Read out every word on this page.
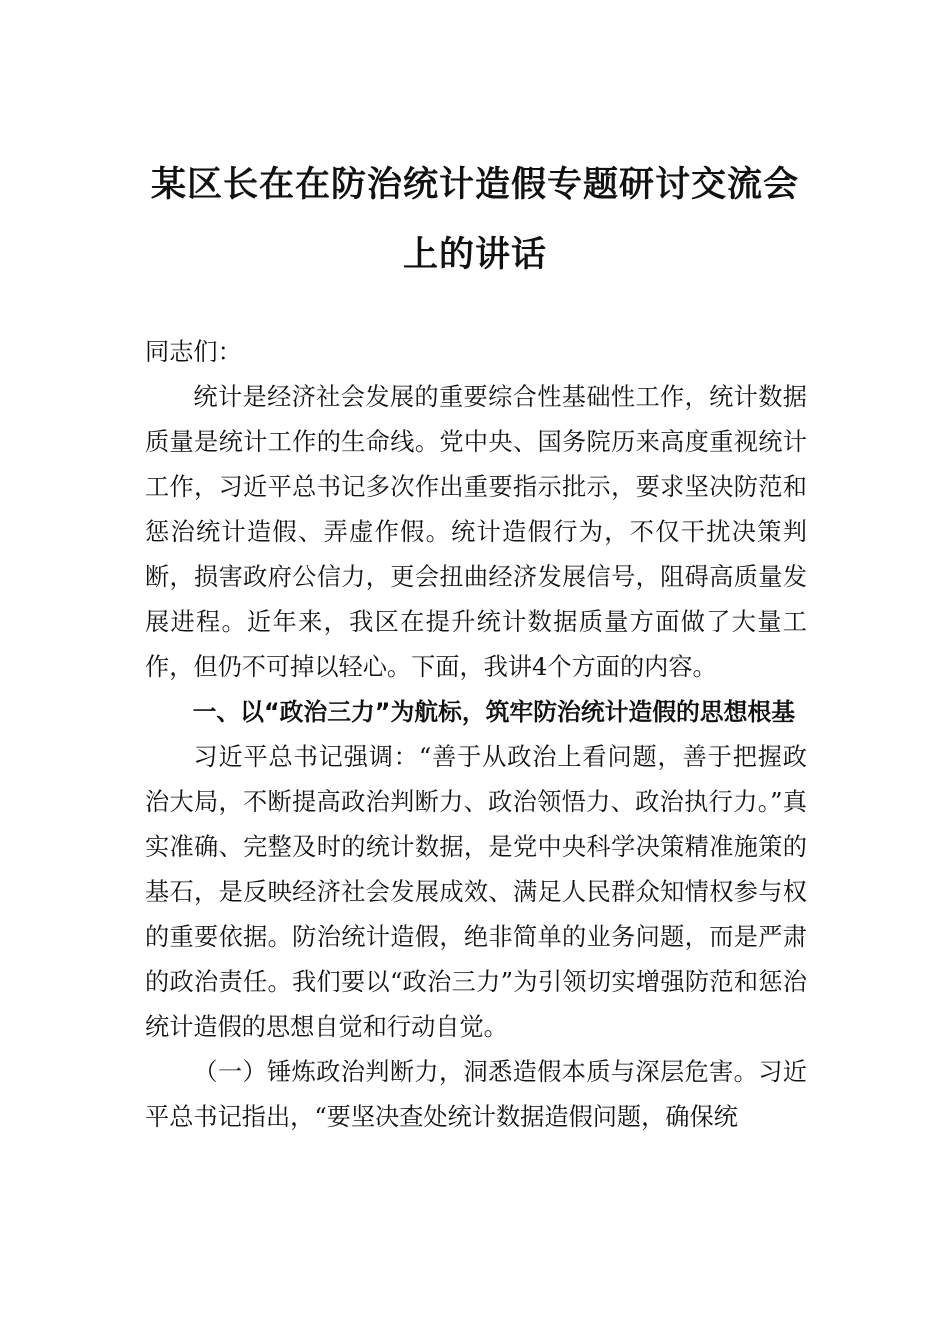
某区长在在防治统计造假专题研讨交流会
上的讲话

同志们：

统计是经济社会发展的重要综合性基础性工作，统计数据质量是统计工作的生命线。党中央、国务院历来高度重视统计工作，习近平总书记多次作出重要指示批示，要求坚决防范和惩治统计造假、弄虚作假。统计造假行为，不仅干扰决策判断，损害政府公信力，更会扭曲经济发展信号，阻碍高质量发展进程。近年来，我区在提升统计数据质量方面做了大量工作，但仍不可掉以轻心。下面，我讲4个方面的内容。

一、以“政治三力”为航标，筑牢防治统计造假的思想根基

习近平总书记强调：“善于从政治上看问题，善于把握政治大局，不断提高政治判断力、政治领悟力、政治执行力。”真实准确、完整及时的统计数据，是党中央科学决策精准施策的基石，是反映经济社会发展成效、满足人民群众知情权参与权的重要依据。防治统计造假，绝非简单的业务问题，而是严肃的政治责任。我们要以“政治三力”为引领切实增强防范和惩治统计造假的思想自觉和行动自觉。

（一）锤炼政治判断力，洞悉造假本质与深层危害。习近平总书记指出，“要坚决查处统计数据造假问题，确保统
